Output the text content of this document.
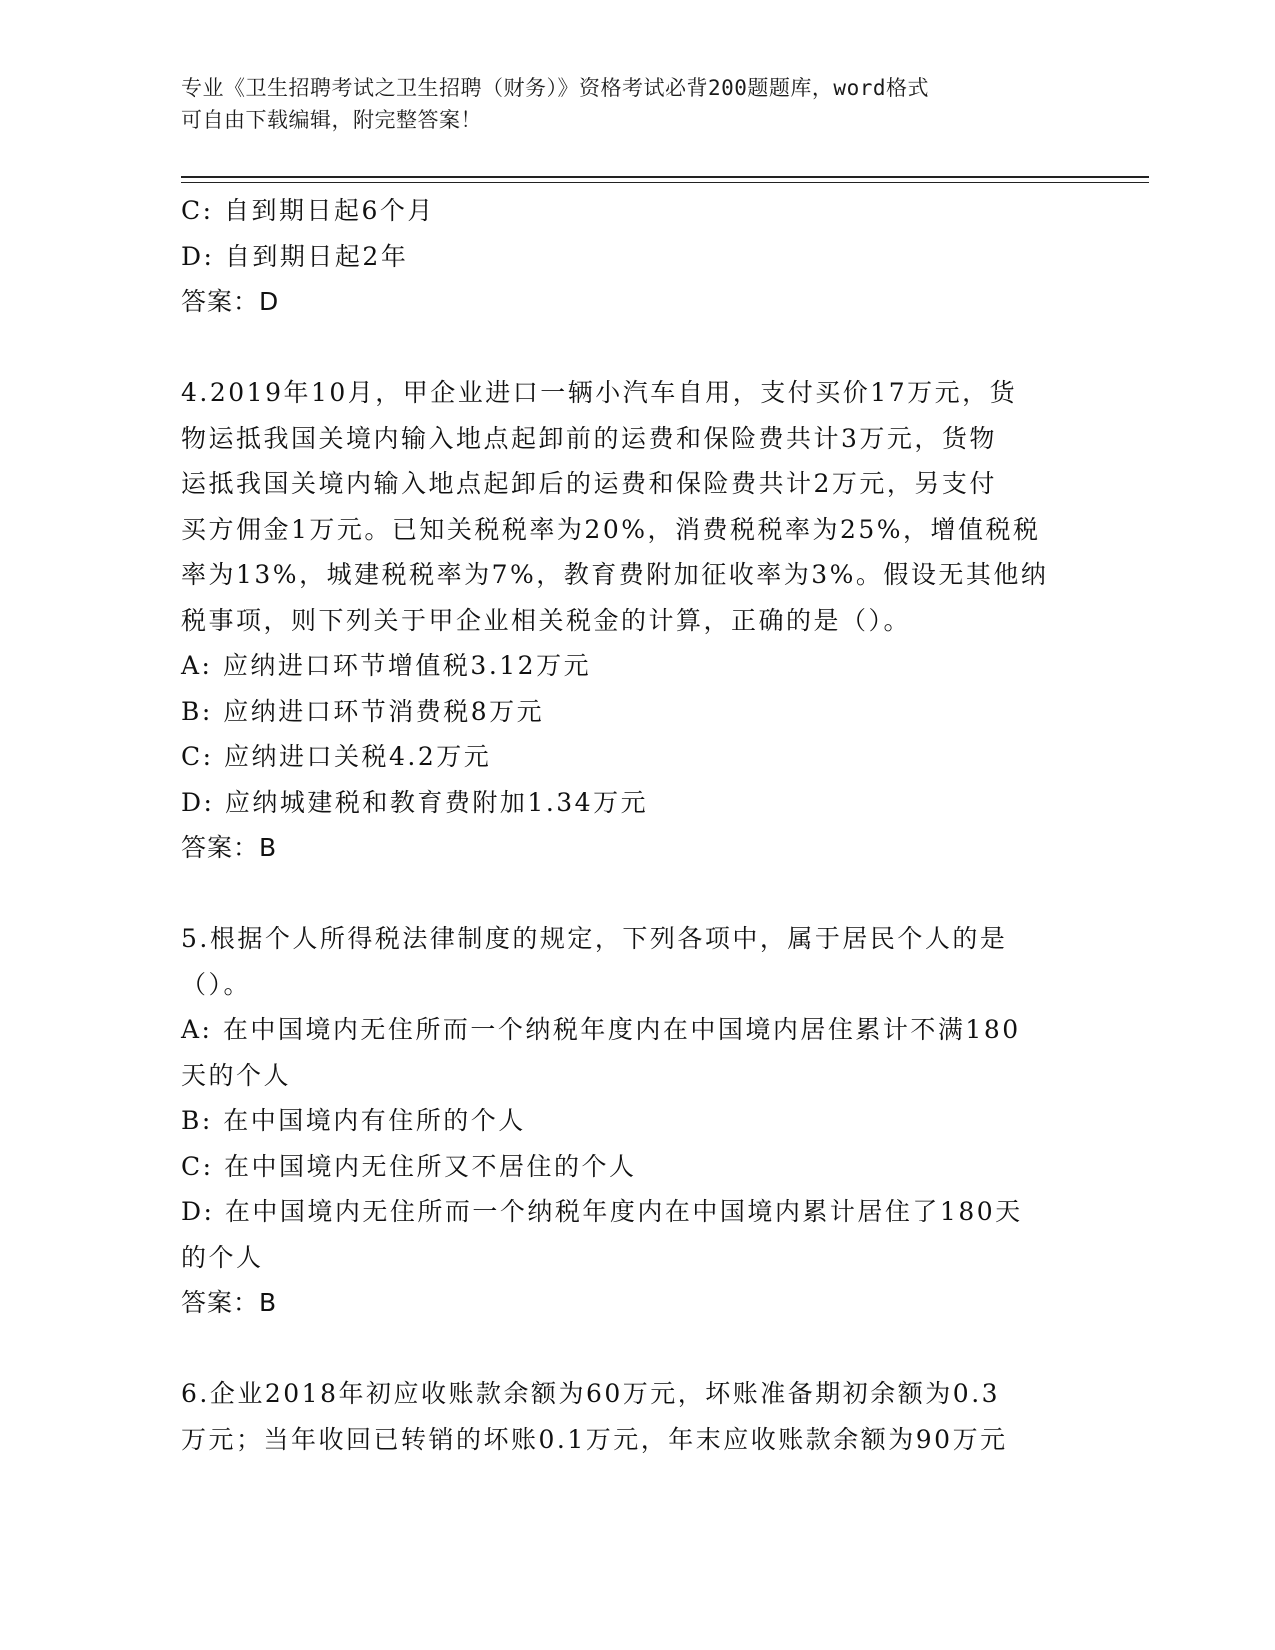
专业《卫生招聘考试之卫生招聘（财务）》资格考试必背200题题库，word格式
可自由下载编辑，附完整答案！
C: 自到期日起6个月
D: 自到期日起2年
答案：D
4.2019年10月，甲企业进口一辆小汽车自用，支付买价17万元，货
物运抵我国关境内输入地点起卸前的运费和保险费共计3万元，货物
运抵我国关境内输入地点起卸后的运费和保险费共计2万元，另支付
买方佣金1万元。已知关税税率为20%，消费税税率为25%，增值税税
率为13%，城建税税率为7%，教育费附加征收率为3%。假设无其他纳
税事项，则下列关于甲企业相关税金的计算，正确的是（）。
A: 应纳进口环节增值税3.12万元
B: 应纳进口环节消费税8万元
C: 应纳进口关税4.2万元
D: 应纳城建税和教育费附加1.34万元
答案：B
5.根据个人所得税法律制度的规定，下列各项中，属于居民个人的是
（）。
A: 在中国境内无住所而一个纳税年度内在中国境内居住累计不满180
天的个人
B: 在中国境内有住所的个人
C: 在中国境内无住所又不居住的个人
D: 在中国境内无住所而一个纳税年度内在中国境内累计居住了180天
的个人
答案：B
6.企业2018年初应收账款余额为60万元，坏账准备期初余额为0.3
万元；当年收回已转销的坏账0.1万元，年末应收账款余额为90万元
